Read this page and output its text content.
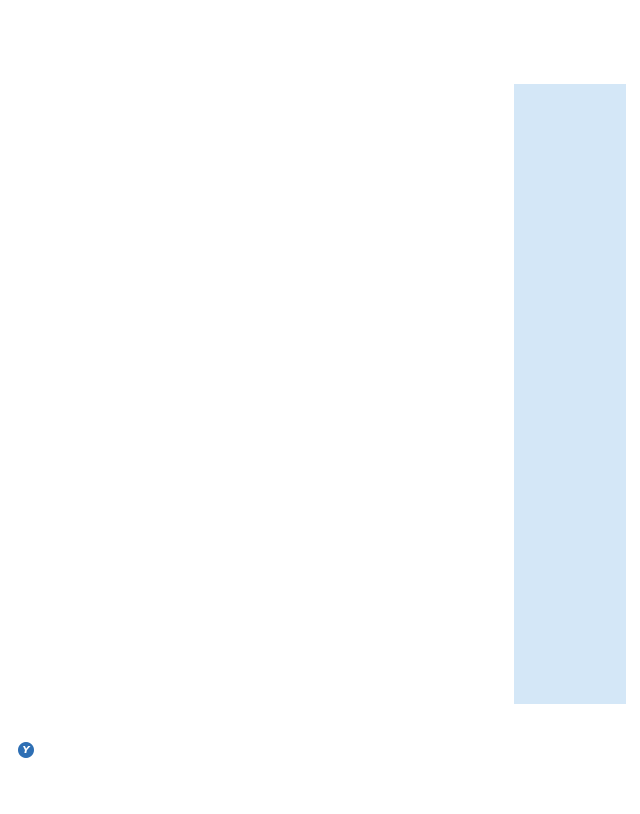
Y
